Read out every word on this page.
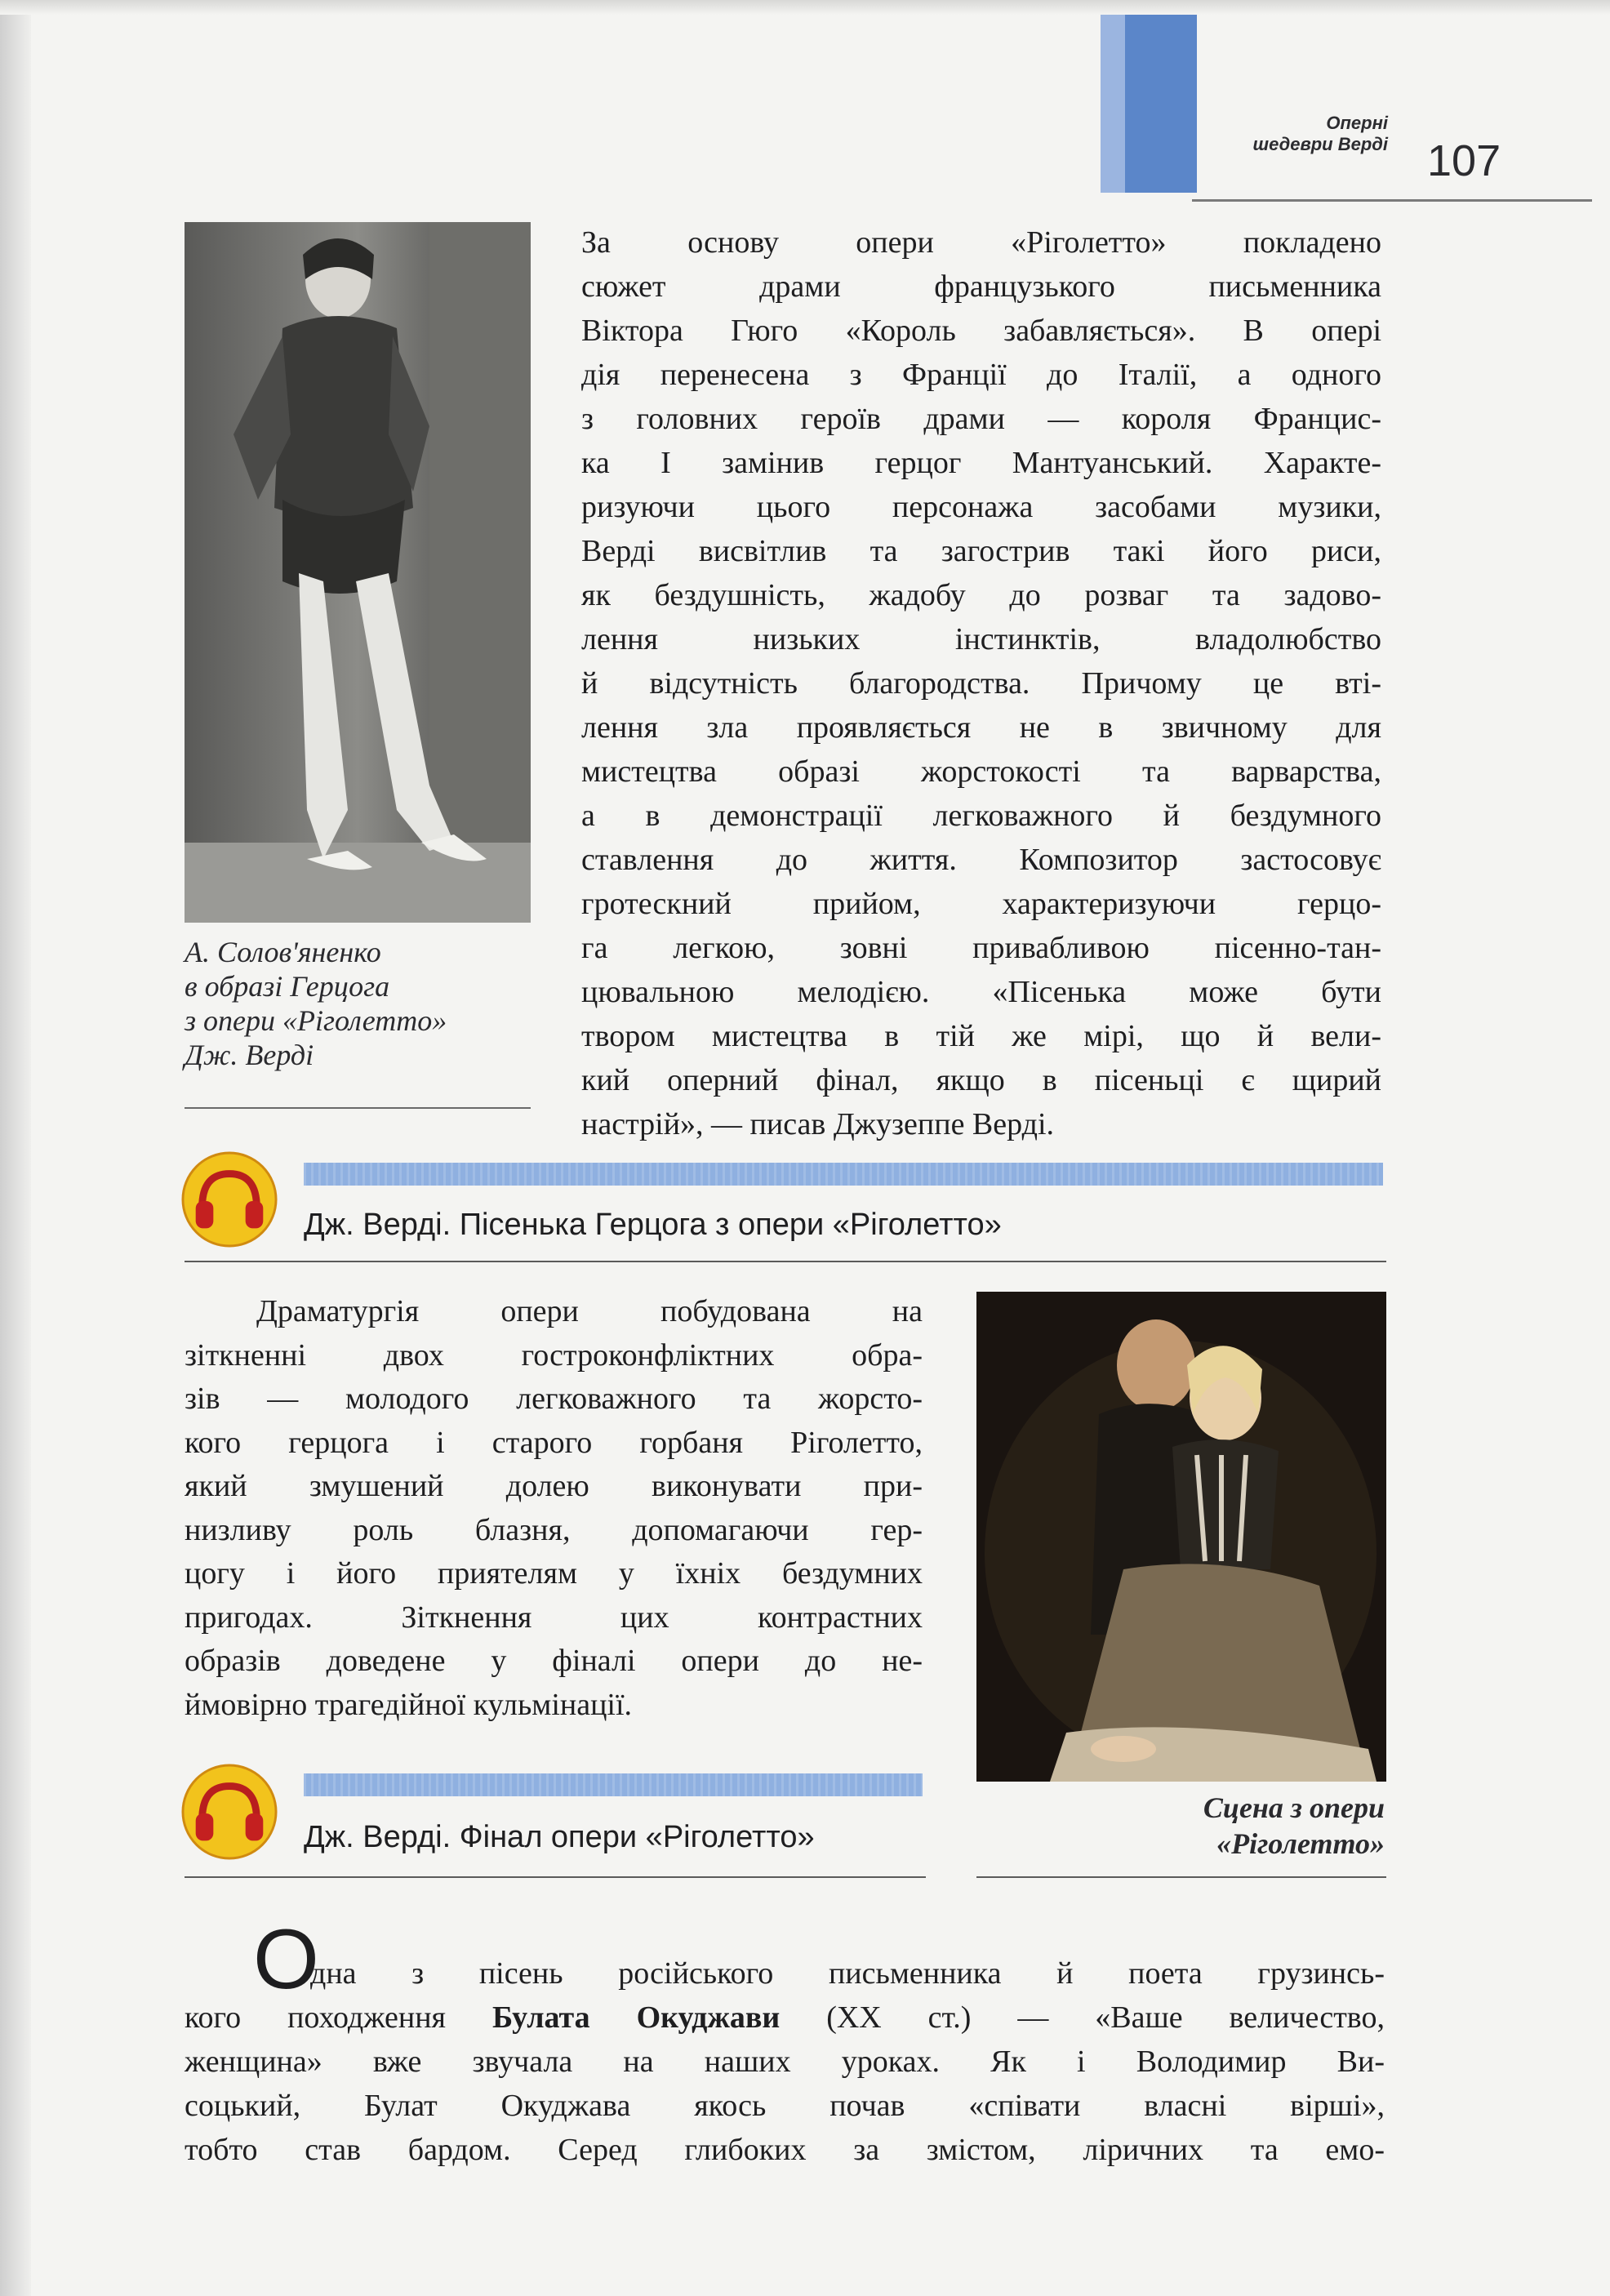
Оперні
шедеври Верді 107
А. Солов'яненко
в образі Герцога
з опери «Ріголетто»
Дж. Верді
За основу опери «Ріголетто» покладено
сюжет драми французького письменника
Віктора Гюго «Король забавляється». В опері
дія перенесена з Франції до Італії, а одного
з головних героїв драми — короля Францис-
ка І замінив герцог Мантуанський. Характе-
ризуючи цього персонажа засобами музики,
Верді висвітлив та загострив такі його риси,
як бездушність, жадобу до розваг та задово-
лення низьких інстинктів, владолюбство
й відсутність благородства. Причому це вті-
лення зла проявляється не в звичному для
мистецтва образі жорстокості та варварства,
а в демонстрації легковажного й бездумного
ставлення до життя. Композитор застосовує
гротескний прийом, характеризуючи герцо-
га легкою, зовні привабливою пісенно-тан-
цювальною мелодією. «Пісенька може бути
твором мистецтва в тій же мірі, що й вели-
кий оперний фінал, якщо в пісеньці є щирий
настрій», — писав Джузеппе Верді.
Дж. Верді. Пісенька Герцога з опери «Ріголетто»
Драматургія опери побудована на
зіткненні двох гостроконфліктних обра-
зів — молодого легковажного та жорсто-
кого герцога і старого горбаня Ріголетто,
який змушений долею виконувати при-
низливу роль блазня, допомагаючи гер-
цогу і його приятелям у їхніх бездумних
пригодах. Зіткнення цих контрастних
образів доведене у фіналі опери до не-
ймовірно трагедійної кульмінації.
Сцена з опери
«Ріголетто»
Дж. Верді. Фінал опери «Ріголетто»
О
дна з пісень російського письменника й поета грузинсь-
кого походження Булата Окуджави (XX ст.) — «Ваше величество,
женщина» вже звучала на наших уроках. Як і Володимир Ви-
соцький, Булат Окуджава якось почав «співати власні вірші»,
тобто став бардом. Серед глибоких за змістом, ліричних та емо-
